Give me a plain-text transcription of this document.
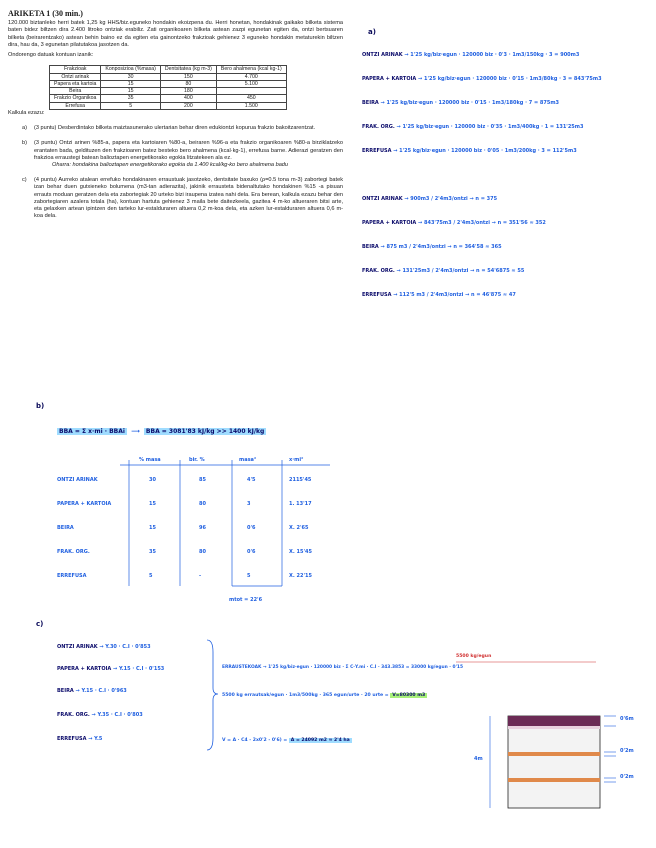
ARIKETA 1 (30 min.)

120.000 biztanleko herri batek 1,25 kg HHS/biz.eguneko hondakin ekoizpena du. Herri honetan, hondakinak gaikako bilketa sistema baten bidez biltzen dira 2.400 litroko ontziak erabiliz. Zati organikoaren bilketa astean zazpi egunetan egiten da, ontzi bertsuaren bilketa (beirarentzako) astean behin baino ez da egiten eta gainontzeko frakzioak gehienez 3 eguneko hondakin metaturekin biltzen dira, hau da, 3 egunetan pilatutakoa jasotzen da.

Ondorengo datuak kontuan izanik:

Frakzioak	Konposizioa (%masa)	Dentsitatea (kg m-3)	Bero ahalmena (kcal kg-1)
Ontzi arinak	30	150	4.700
Papera eta kartoia	15	80	5.100
Beira	15	180	
Frakzio Organikoa	35	400	450
Errefusa	5	200	1.500

Kalkula ezazu:

a)	(3 puntu) Desberdintako bilketa maiztasunerako ulertarian behar diren edukiontzi kopurua frakzio bakoitzarentzat.
b)	(3 puntu) Ontzi arinen %85-a, papera eta kartoiaren %80-a, beiraren %96-a eta frakzio organikoaren %80-a birziklatzeko erantaten bada, geldituzen den frakzioaren batez besteko bero ahalmena (kcal·kg-1), errefusa barne. Adierazi geratzen den frakzioa erraustegi batean balioztapen energetikorako egokia litzatekeen ala ez.
Oharra: hondakina balioztapen energetikorako egokia da 1.400 kcal/kg-ko bero ahalmena badu
c)	(4 puntu) Aurreko atalean errefuko hondakinaren erraustuak jasotzeko, dentsitate baxuko (ρ=0.5 tona m-3) zabortegi batek izan behar duen gutxieneko bolumena (m3-tan adierazita), jakinik errausteta bidenaltutako hondakinen %15 -a pisuan errauts moduan geratzen dela eta zabortegiak 20 urteko bizi iraupena izatea nahi dela. Era berean, kalkula ezazu behar den zabortegiaren azalera totala (ha), kontuan hartuta gehienez 3 maila bete daitezkeela, gazitea 4 m-ko altueraren bitsi arte, eta gelaxken artean ipintzen den tarteko lur-estalduraren altuera 0,2 m-koa dela, eta azken lur-estalduraren altuera 0,6 m-koa dela.
a)
ONTZI ARINAK → 1'25 kg/biz·egun · 120000 biz · 0'3 · 1m3/150kg · 3 = 900m3
PAPERA + KARTOIA → 1'25 kg/biz·egun · 120000 biz · 0'15 · 1m3/80kg · 3 = 843'75m3
BEIRA → 1'25 kg/biz·egun · 120000 biz · 0'15 · 1m3/180kg · 7 = 875m3
FRAK. ORG. → 1'25 kg/biz·egun · 120000 biz · 0'35 · 1m3/400kg · 1 = 131'25m3
ERREFUSA → 1'25 kg/biz·egun · 120000 biz · 0'05 · 1m3/200kg · 3 = 112'5m3
ONTZI ARINAK → 900m3 / 2'4m3/ontzi → n = 375
PAPERA + KARTOIA → 843'75m3 / 2'4m3/ontzi → n = 351'56 ≈ 352
BEIRA → 875 m3 / 2'4m3/ontzi → n = 364'58 ≈ 365
FRAK. ORG. → 131'25m3 / 2'4m3/ontzi → n = 54'6875 ≈ 55
ERREFUSA → 112'5 m3 / 2'4m3/ontzi → n = 46'875 ≈ 47
b)
BBA = Σ x·mi · BBAi  ⟶  BBA = 3081'83 kJ/kg >> 1400 kJ/kg
% masa	bir. %	masa°	x·mi°
ONTZI ARINAK	30	85	4'5	2115'45
PAPERA + KARTOIA	15	80	3	1. 13'17
BEIRA	15	96	0'6	X. 2'65
FRAK. ORG.	35	80	0'6	X. 15'45
ERREFUSA	5	-	5	X. 22'15
mtot = 22'6
c)
ONTZI ARINAK → Y.30 · C.I · 0'853
PAPERA + KARTOIA → Y.15 · C.I · 0'153
BEIRA → Y.15 · C.I · 0'963
FRAK. ORG. → Y.35 · C.I · 0'803
ERREFUSA → Y.5
5500 kg/egun
ERRAUSTEKOAK → 1'25 kg/biz·egun · 120000 biz · Σ C·Y.mi · C.I · 343.3853 = 33000 kg/egun · 0'15
5500 kg errautsak/egun · 1m3/500kg · 365 egun/urte · 20 urte = V=80300 m3
V = A · C4 - 2x0'2 - 0'6) = A = 24092 m2 ≈ 2'4 ha
0'6m
0'2m
0'2m
4m
